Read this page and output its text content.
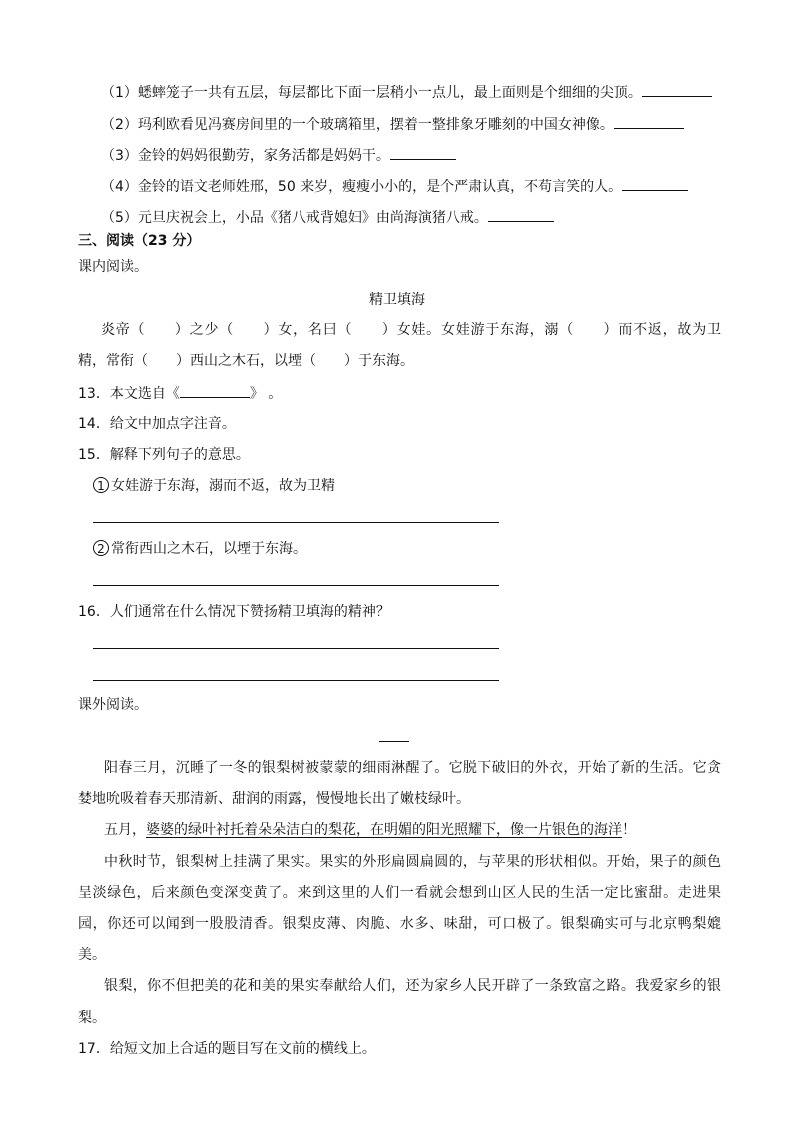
（1）蟋蟀笼子一共有五层，每层都比下面一层稍小一点儿，最上面则是个细细的尖顶。
（2）玛利欧看见冯赛房间里的一个玻璃箱里，摆着一整排象牙雕刻的中国女神像。
（3）金铃的妈妈很勤劳，家务活都是妈妈干。
（4）金铃的语文老师姓邢，50 来岁，瘦瘦小小的，是个严肃认真，不苟言笑的人。
（5）元旦庆祝会上，小品《猪八戒背媳妇》由尚海演猪八戒。
三、阅读（23 分）
课内阅读。
精卫填海
炎帝（　　）之少（　　）女，名曰（　　）女娃。女娃游于东海，溺（　　）而不返，故为卫
精，常衔（　　）西山之木石，以堙（　　）于东海。
13．本文选自《	》 。
14．给文中加点字注音。
15．解释下列句子的意思。
1 女娃游于东海，溺而不返，故为卫精
2 常衔西山之木石，以堙于东海。
16．人们通常在什么情况下赞扬精卫填海的精神？
课外阅读。
阳春三月，沉睡了一冬的银梨树被蒙蒙的细雨淋醒了。它脱下破旧的外衣，开始了新的生活。它贪
婪地吮吸着春天那清新、甜润的雨露，慢慢地长出了嫩枝绿叶。
五月，婆婆的绿叶衬托着朵朵洁白的梨花，在明媚的阳光照耀下，像一片银色的海洋！
中秋时节，银梨树上挂满了果实。果实的外形扁圆扁圆的，与苹果的形状相似。开始，果子的颜色
呈淡绿色，后来颜色变深变黄了。来到这里的人们一看就会想到山区人民的生活一定比蜜甜。走进果
园，你还可以闻到一股股清香。银梨皮薄、肉脆、水多、味甜，可口极了。银梨确实可与北京鸭梨媲
美。
银梨，你不但把美的花和美的果实奉献给人们，还为家乡人民开辟了一条致富之路。我爱家乡的银
梨。
17．给短文加上合适的题目写在文前的横线上。
